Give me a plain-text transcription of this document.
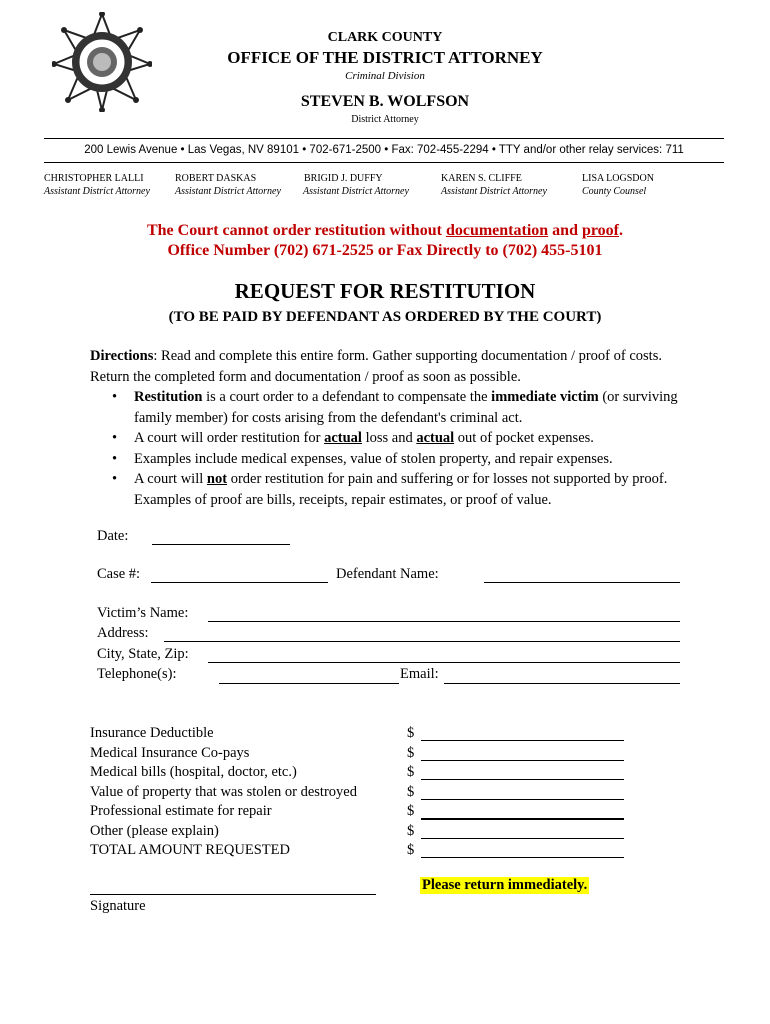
CLARK COUNTY
OFFICE OF THE DISTRICT ATTORNEY
Criminal Division
STEVEN B. WOLFSON
District Attorney
200 Lewis Avenue • Las Vegas, NV 89101 • 702-671-2500 • Fax: 702-455-2294 • TTY and/or other relay services: 711
CHRISTOPHER LALLI
Assistant District Attorney
ROBERT DASKAS
Assistant District Attorney
BRIGID J. DUFFY
Assistant District Attorney
KAREN S. CLIFFE
Assistant District Attorney
LISA LOGSDON
County Counsel
The Court cannot order restitution without documentation and proof.
Office Number (702) 671-2525 or Fax Directly to (702) 455-5101
REQUEST FOR RESTITUTION
(TO BE PAID BY DEFENDANT AS ORDERED BY THE COURT)
Directions: Read and complete this entire form. Gather supporting documentation / proof of costs. Return the completed form and documentation / proof as soon as possible.
• Restitution is a court order to a defendant to compensate the immediate victim (or surviving family member) for costs arising from the defendant's criminal act.
• A court will order restitution for actual loss and actual out of pocket expenses.
• Examples include medical expenses, value of stolen property, and repair expenses.
• A court will not order restitution for pain and suffering or for losses not supported by proof. Examples of proof are bills, receipts, repair estimates, or proof of value.
Date:
Case #:	Defendant Name:
Victim’s Name:
Address:
City, State, Zip:
Telephone(s):	Email:
Insurance Deductible
Medical Insurance Co-pays
Medical bills (hospital, doctor, etc.)
Value of property that was stolen or destroyed
Professional estimate for repair
Other (please explain)
TOTAL AMOUNT REQUESTED
$
$
$
$
$
$
$
Signature
Please return immediately.
